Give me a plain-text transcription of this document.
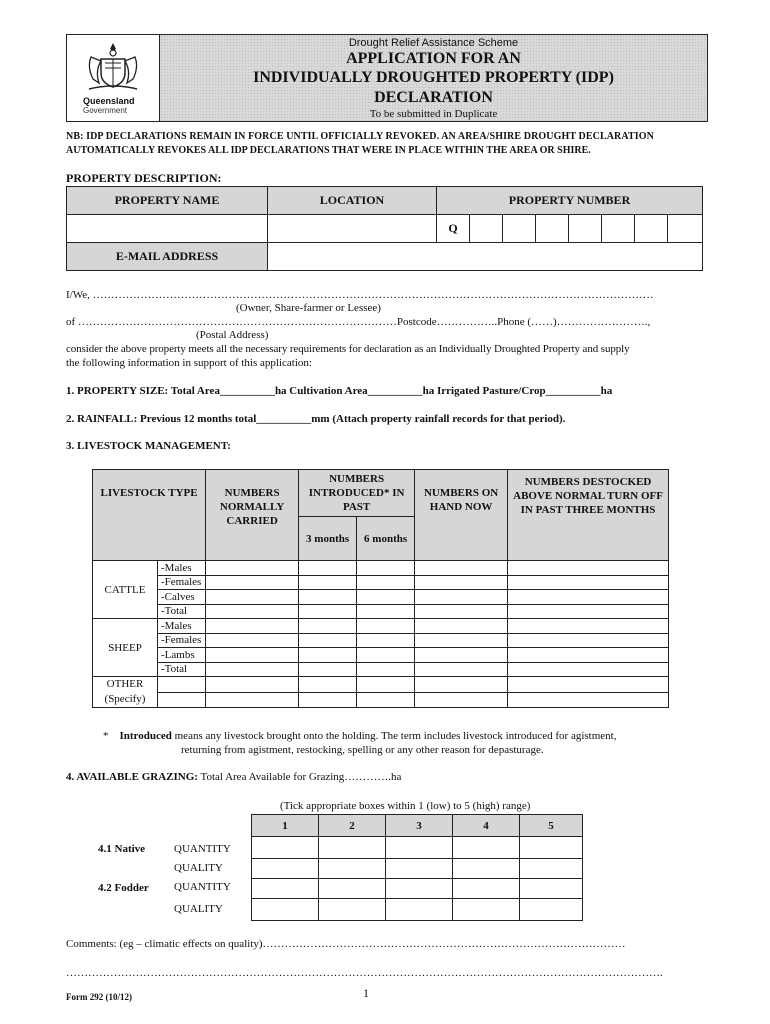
Queensland
Government
Drought Relief Assistance Scheme
APPLICATION FOR AN
INDIVIDUALLY DROUGHTED PROPERTY (IDP)
DECLARATION
To be submitted in Duplicate
NB: IDP DECLARATIONS REMAIN IN FORCE UNTIL OFFICIALLY REVOKED. AN AREA/SHIRE DROUGHT DECLARATION
AUTOMATICALLY REVOKES ALL IDP DECLARATIONS THAT WERE IN PLACE WITHIN THE AREA OR SHIRE.
PROPERTY DESCRIPTION:
PROPERTY NAME	LOCATION	PROPERTY NUMBER							
		Q							
E-MAIL ADDRESS									
I/We, ………………………………………………………………………………………………………………………………………
(Owner, Share-farmer or Lessee)
of ……………………………………………………………………………Postcode……………..Phone (……)…………………….,
(Postal Address)
consider the above property meets all the necessary requirements for declaration as an Individually Droughted Property and supply
the following information in support of this application:
1. PROPERTY SIZE: Total Area__________ha Cultivation Area__________ha Irrigated Pasture/Crop__________ha
2. RAINFALL: Previous 12 months total__________mm (Attach property rainfall records for that period).
3. LIVESTOCK MANAGEMENT:
LIVESTOCK TYPE		NUMBERS NORMALLY CARRIED	NUMBERS INTRODUCED* IN PAST		NUMBERS ON HAND NOW	NUMBERS DESTOCKED ABOVE NORMAL TURN OFF IN PAST THREE MONTHS
			3 months	6 months		
CATTLE	-Males					
	-Females					
	-Calves					
	-Total					
SHEEP	-Males					
	-Females					
	-Lambs					
	-Total					

OTHER
(Specify)						

* Introduced means any livestock brought onto the holding. The term includes livestock introduced for agistment,
returning from agistment, restocking, spelling or any other reason for depasturage.
4. AVAILABLE GRAZING: Total Area Available for Grazing………….ha
(Tick appropriate boxes within 1 (low) to 5 (high) range)
1	2	3	4	5

4.1 Native	QUANTITY
QUALITY
4.2 Fodder QUANTITY
QUALITY
Comments: (eg – climatic effects on quality)………………………………………………………………………………………
……………………………………………………………………………………………………………………………………………….
Form 292 (10/12)	1
